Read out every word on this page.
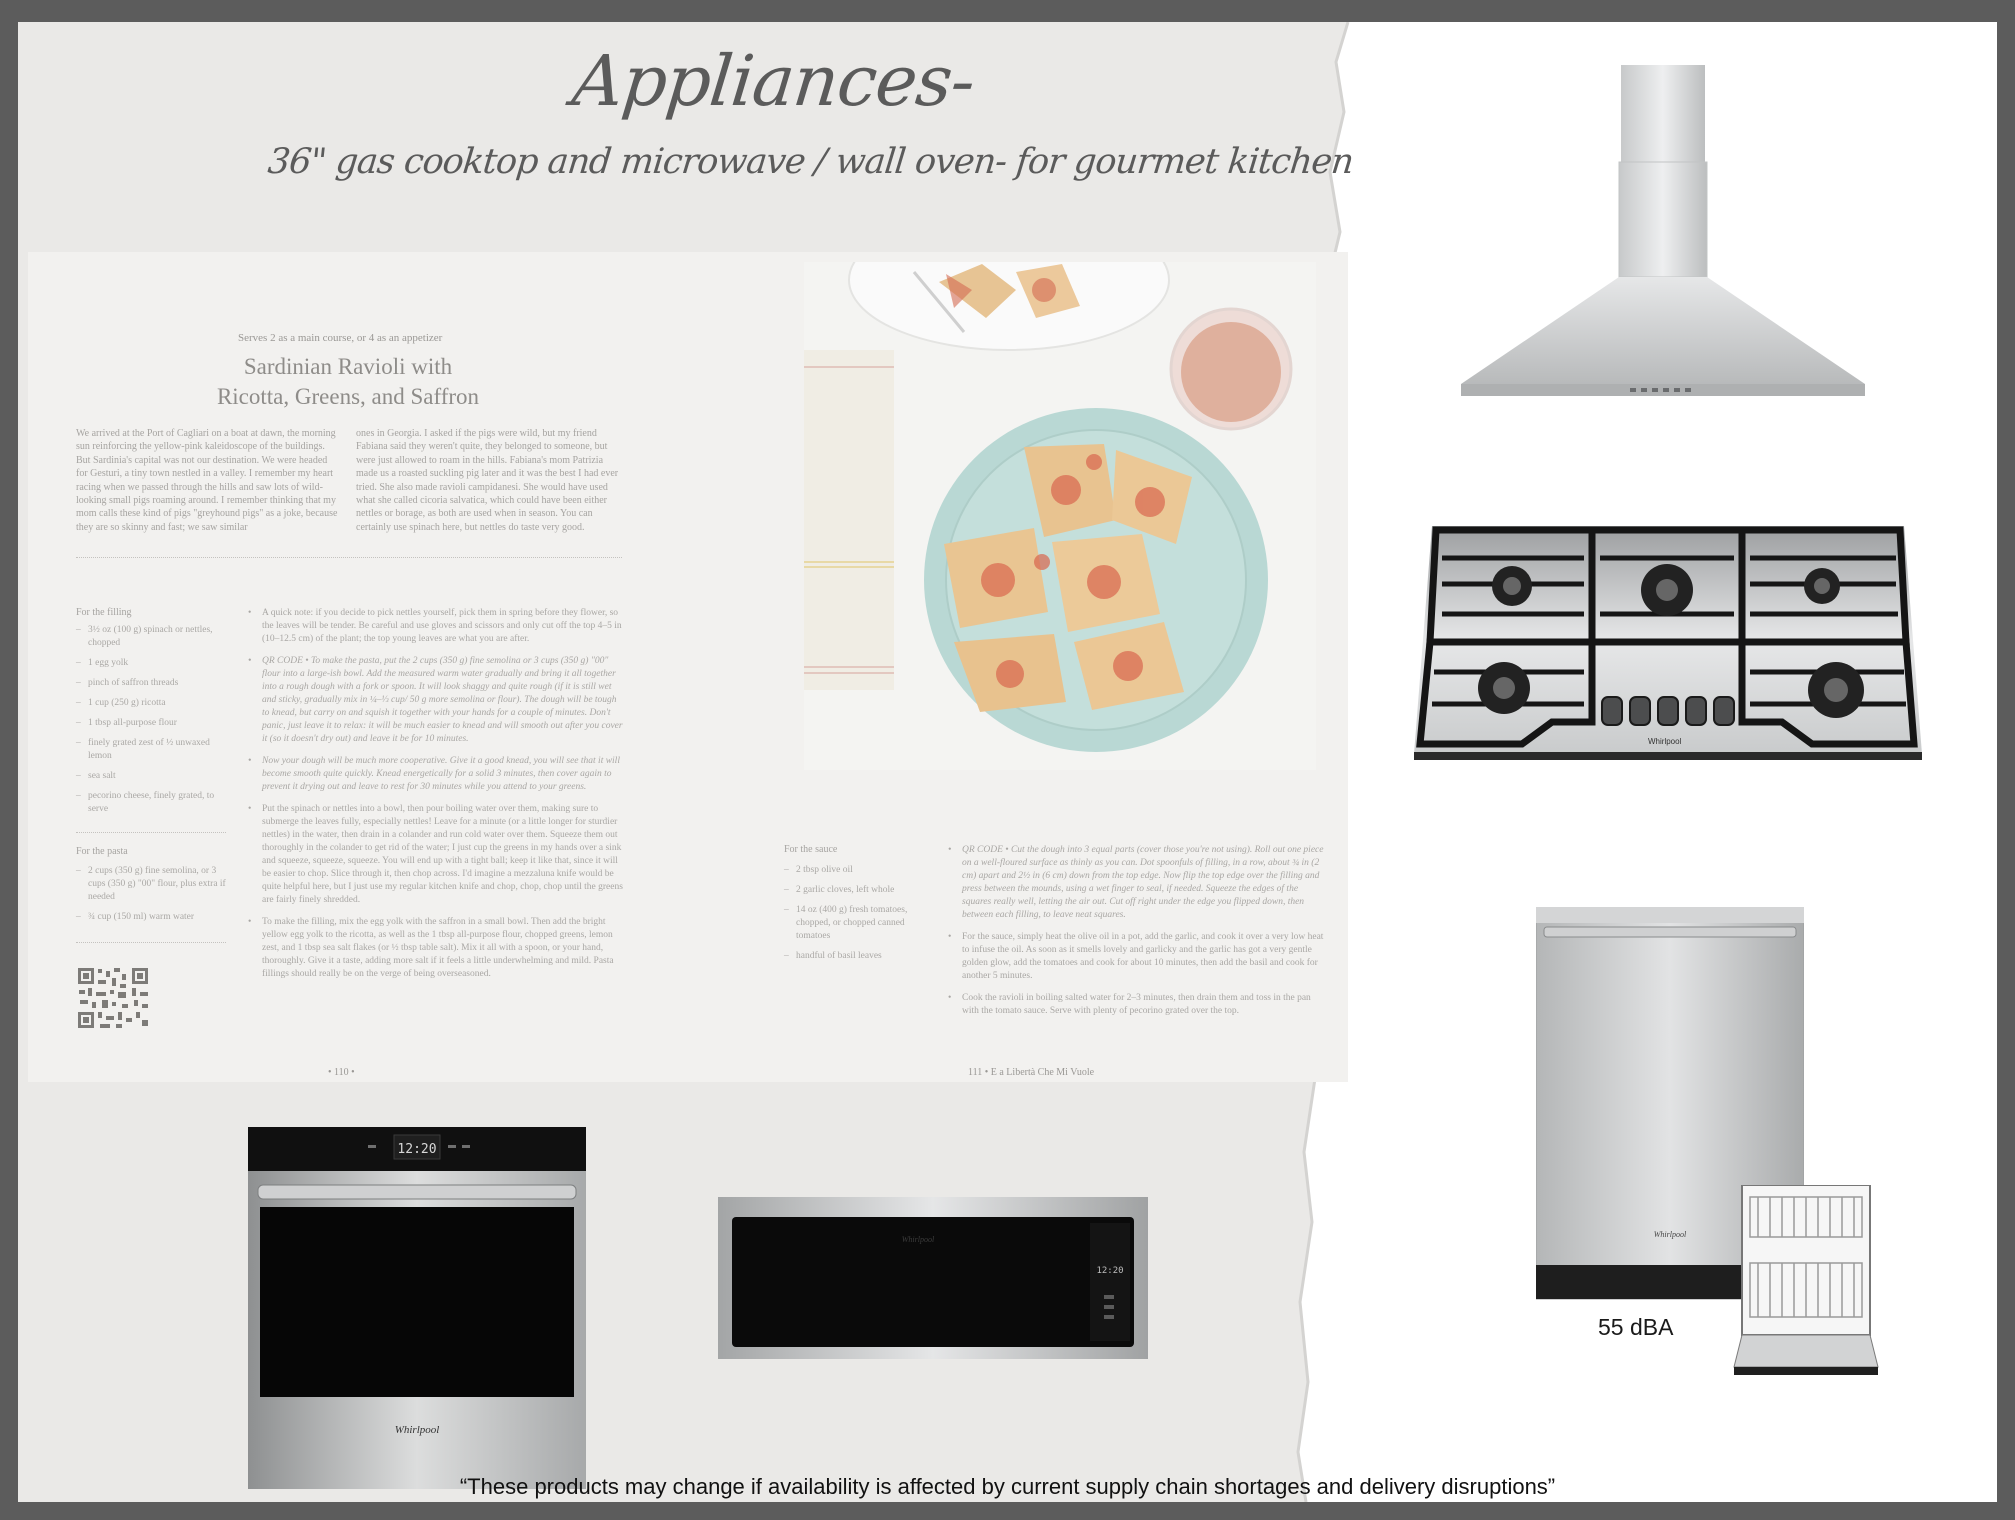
Appliances-
36" gas cooktop and microwave / wall oven- for gourmet kitchen
Serves 2 as a main course, or 4 as an appetizer
Sardinian Ravioli with
Ricotta, Greens, and Saffron
We arrived at the Port of Cagliari on a boat at dawn, the morning sun reinforcing the yellow-pink kaleidoscope of the buildings. But Sardinia's capital was not our destination. We were headed for Gesturi, a tiny town nestled in a valley. I remember my heart racing when we passed through the hills and saw lots of wild-looking small pigs roaming around. I remember thinking that my mom calls these kind of pigs "greyhound pigs" as a joke, because they are so skinny and fast; we saw similar
ones in Georgia. I asked if the pigs were wild, but my friend Fabiana said they weren't quite, they belonged to someone, but were just allowed to roam in the hills. Fabiana's mom Patrizia made us a roasted suckling pig later and it was the best I had ever tried. She also made ravioli campidanesi. She would have used what she called cicoria salvatica, which could have been either nettles or borage, as both are used when in season. You can certainly use spinach here, but nettles do taste very good.
For the filling
– 3½ oz (100 g) spinach or nettles, chopped
– 1 egg yolk
– pinch of saffron threads
– 1 cup (250 g) ricotta
– 1 tbsp all-purpose flour
– finely grated zest of ½ unwaxed lemon
– sea salt
– pecorino cheese, finely grated, to serve
For the pasta
– 2 cups (350 g) fine semolina, or 3 cups (350 g) "00" flour, plus extra if needed
– ¾ cup (150 ml) warm water
• A quick note: if you decide to pick nettles yourself, pick them in spring before they flower, so the leaves will be tender. Be careful and use gloves and scissors and only cut off the top 4–5 in (10–12.5 cm) of the plant; the top young leaves are what you are after.
• QR CODE • To make the pasta, put the 2 cups (350 g) fine semolina or 3 cups (350 g) "00" flour into a large-ish bowl. Add the measured warm water gradually and bring it all together into a rough dough with a fork or spoon. It will look shaggy and quite rough (if it is still wet and sticky, gradually mix in ¼–⅓ cup/ 50 g more semolina or flour). The dough will be tough to knead, but carry on and squish it together with your hands for a couple of minutes. Don't panic, just leave it to relax: it will be much easier to knead and will smooth out after you cover it (so it doesn't dry out) and leave it be for 10 minutes.
• Now your dough will be much more cooperative. Give it a good knead, you will see that it will become smooth quite quickly. Knead energetically for a solid 3 minutes, then cover again to prevent it drying out and leave to rest for 30 minutes while you attend to your greens.
• Put the spinach or nettles into a bowl, then pour boiling water over them, making sure to submerge the leaves fully, especially nettles! Leave for a minute (or a little longer for sturdier nettles) in the water, then drain in a colander and run cold water over them. Squeeze them out thoroughly in the colander to get rid of the water; I just cup the greens in my hands over a sink and squeeze, squeeze, squeeze. You will end up with a tight ball; keep it like that, since it will be easier to chop. Slice through it, then chop across. I'd imagine a mezzaluna knife would be quite helpful here, but I just use my regular kitchen knife and chop, chop, chop until the greens are fairly finely shredded.
• To make the filling, mix the egg yolk with the saffron in a small bowl. Then add the bright yellow egg yolk to the ricotta, as well as the 1 tbsp all-purpose flour, chopped greens, lemon zest, and 1 tbsp sea salt flakes (or ½ tbsp table salt). Mix it all with a spoon, or your hand, thoroughly. Give it a taste, adding more salt if it feels a little underwhelming and mild. Pasta fillings should really be on the verge of being overseasoned.
For the sauce
– 2 tbsp olive oil
– 2 garlic cloves, left whole
– 14 oz (400 g) fresh tomatoes, chopped, or chopped canned tomatoes
– handful of basil leaves
• QR CODE • Cut the dough into 3 equal parts (cover those you're not using). Roll out one piece on a well-floured surface as thinly as you can. Dot spoonfuls of filling, in a row, about ¾ in (2 cm) apart and 2½ in (6 cm) down from the top edge. Now flip the top edge over the filling and press between the mounds, using a wet finger to seal, if needed. Squeeze the edges of the squares really well, letting the air out. Cut off right under the edge you flipped down, then between each filling, to leave neat squares.
• For the sauce, simply heat the olive oil in a pot, add the garlic, and cook it over a very low heat to infuse the oil. As soon as it smells lovely and garlicky and the garlic has got a very gentle golden glow, add the tomatoes and cook for about 10 minutes, then add the basil and cook for another 5 minutes.
• Cook the ravioli in boiling salted water for 2–3 minutes, then drain them and toss in the pan with the tomato sauce. Serve with plenty of pecorino grated over the top.
• 110 •	111 • E a Libertà Che Mi Vuole
Whirlpool
12:20
Whirlpool
12:20
Whirlpool
Whirlpool
55 dBA
“These products may change if availability is affected by current supply chain shortages and delivery disruptions”
